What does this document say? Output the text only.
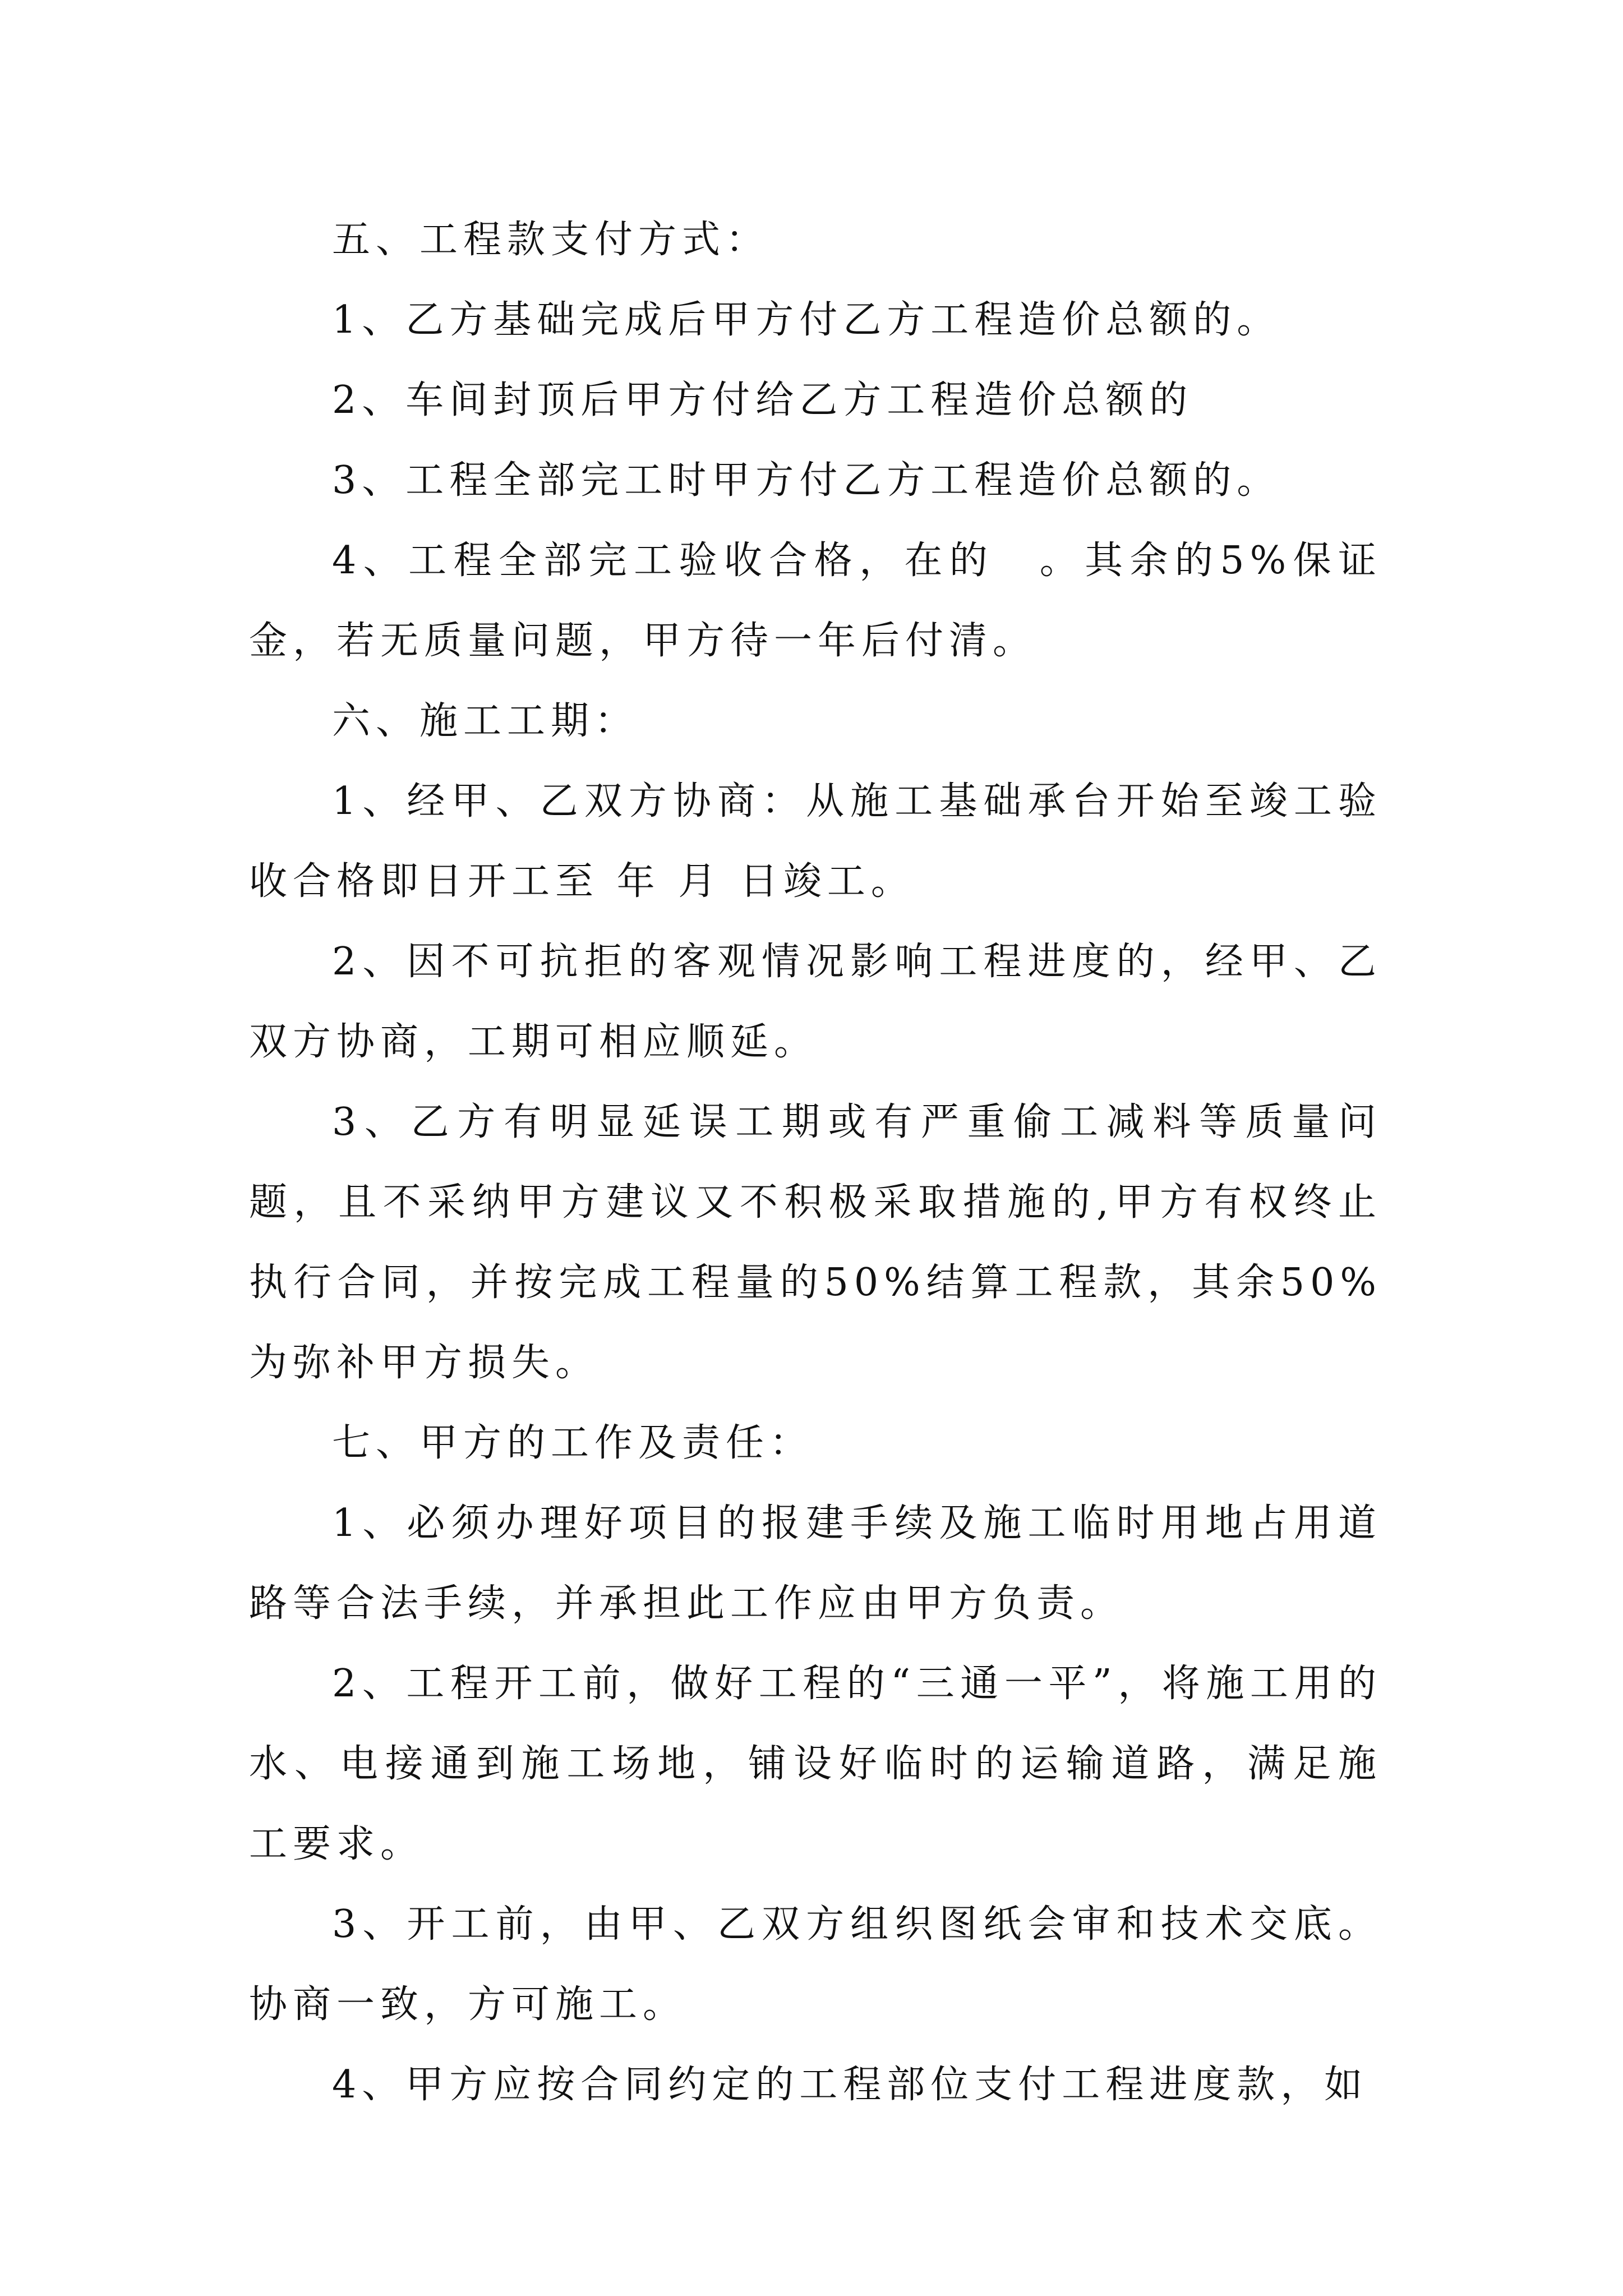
五、工程款支付方式：

1、乙方基础完成后甲方付乙方工程造价总额的。

2、车间封顶后甲方付给乙方工程造价总额的

3、工程全部完工时甲方付乙方工程造价总额的。

4、工程全部完工验收合格，在的　。其余的5%保证金，若无质量问题，甲方待一年后付清。

六、施工工期：

1、经甲、乙双方协商：从施工基础承台开始至竣工验收合格即日开工至 年 月 日竣工。

2、因不可抗拒的客观情况影响工程进度的，经甲、乙双方协商，工期可相应顺延。

3、乙方有明显延误工期或有严重偷工减料等质量问题，且不采纳甲方建议又不积极采取措施的,甲方有权终止执行合同，并按完成工程量的50%结算工程款，其余50%为弥补甲方损失。

七、甲方的工作及责任：

1、必须办理好项目的报建手续及施工临时用地占用道路等合法手续，并承担此工作应由甲方负责。

2、工程开工前，做好工程的“三通一平”，将施工用的水、电接通到施工场地，铺设好临时的运输道路，满足施工要求。

3、开工前，由甲、乙双方组织图纸会审和技术交底。协商一致，方可施工。

4、甲方应按合同约定的工程部位支付工程进度款，如
